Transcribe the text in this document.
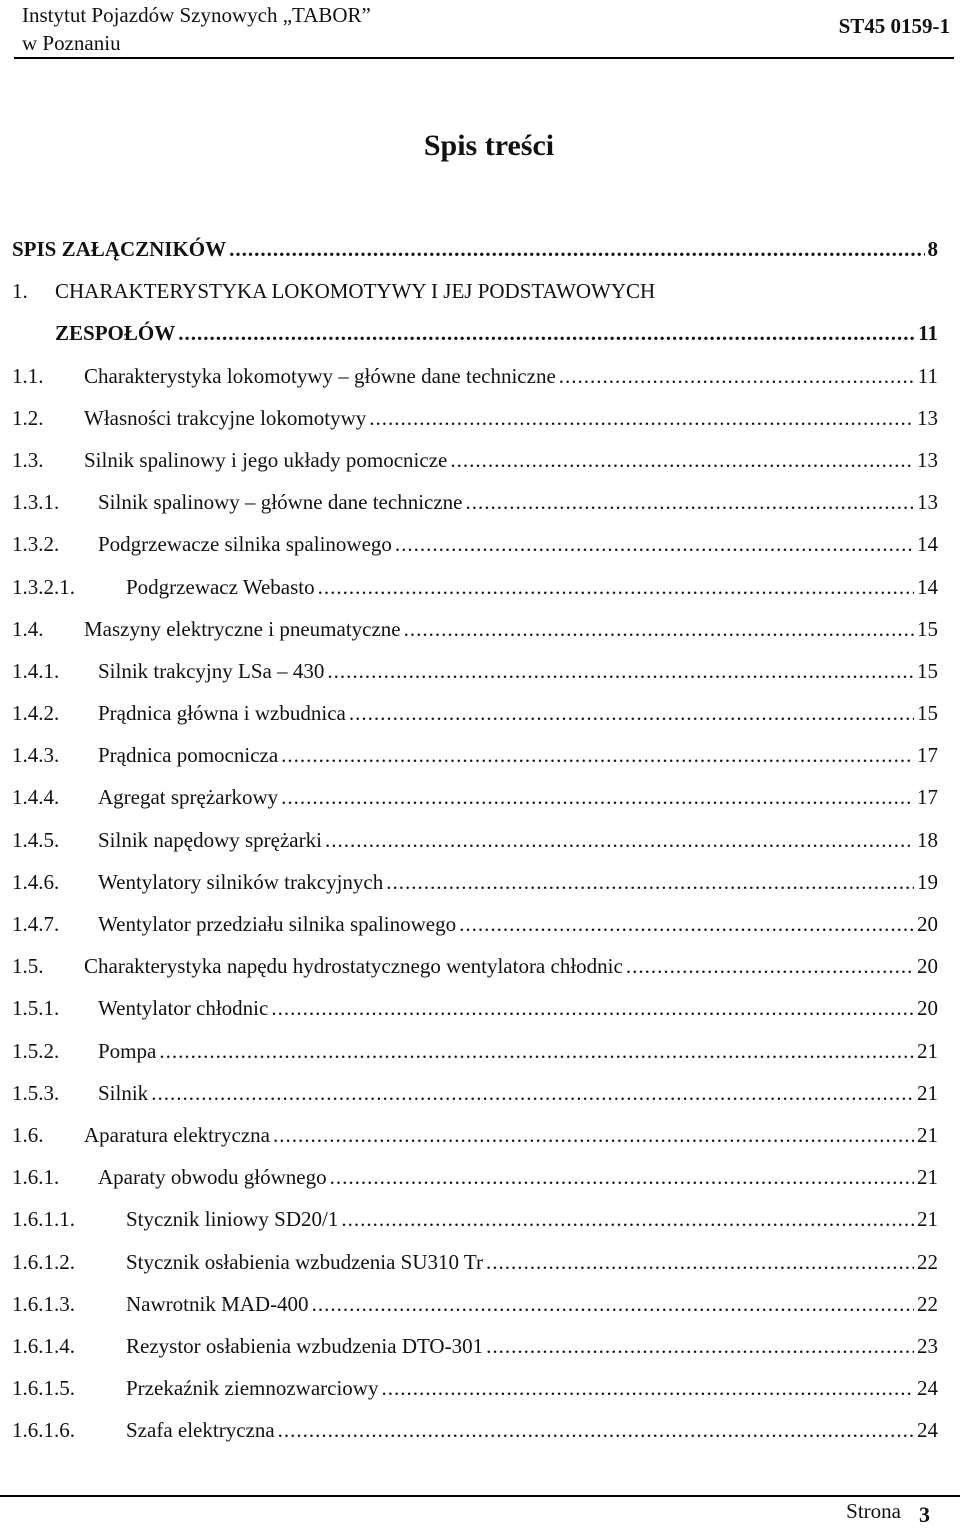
Instytut Pojazdów Szynowych „TABOR”
w Poznaniu
ST45 0159-1
Spis treści
SPIS ZAŁĄCZNIKÓW .....	8
1. CHARAKTERYSTYKA LOKOMOTYWY I JEJ PODSTAWOWYCH
ZESPOŁÓW .....	11
1.1. Charakterystyka lokomotywy – główne dane techniczne .....	11
1.2. Własności trakcyjne lokomotywy .....	13
1.3. Silnik spalinowy i jego układy pomocnicze .....	13
1.3.1. Silnik spalinowy – główne dane techniczne .....	13
1.3.2. Podgrzewacze silnika spalinowego .....	14
1.3.2.1. Podgrzewacz Webasto .....	14
1.4. Maszyny elektryczne i pneumatyczne .....	15
1.4.1. Silnik trakcyjny LSa – 430 .....	15
1.4.2. Prądnica główna i wzbudnica .....	15
1.4.3. Prądnica pomocnicza .....	17
1.4.4. Agregat sprężarkowy .....	17
1.4.5. Silnik napędowy sprężarki .....	18
1.4.6. Wentylatory silników trakcyjnych .....	19
1.4.7. Wentylator przedziału silnika spalinowego .....	20
1.5. Charakterystyka napędu hydrostatycznego wentylatora chłodnic .....	20
1.5.1. Wentylator chłodnic .....	20
1.5.2. Pompa .....	21
1.5.3. Silnik .....	21
1.6. Aparatura elektryczna .....	21
1.6.1. Aparaty obwodu głównego .....	21
1.6.1.1. Stycznik liniowy SD20/1 .....	21
1.6.1.2. Stycznik osłabienia wzbudzenia SU310 Tr .....	22
1.6.1.3. Nawrotnik MAD-400 .....	22
1.6.1.4. Rezystor osłabienia wzbudzenia DTO-301 .....	23
1.6.1.5. Przekaźnik ziemnozwarciowy .....	24
1.6.1.6. Szafa elektryczna .....	24
Strona 3
